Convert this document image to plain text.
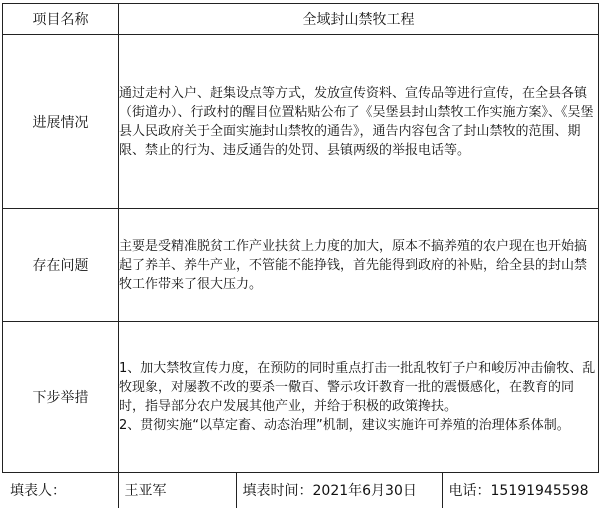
项目名称	全域封山禁牧工程
进展情况	通过走村入户、赶集设点等方式，发放宣传资料、宣传品等进行宣传，在全县各镇（街道办）、行政村的醒目位置粘贴公布了《吴堡县封山禁牧工作实施方案》、《吴堡县人民政府关于全面实施封山禁牧的通告》，通告内容包含了封山禁牧的范围、期限、禁止的行为、违反通告的处罚、县镇两级的举报电话等。
存在问题	主要是受精准脱贫工作产业扶贫上力度的加大，原本不搞养殖的农户现在也开始搞起了养羊、养牛产业，不管能不能挣钱，首先能得到政府的补贴，给全县的封山禁牧工作带来了很大压力。
下步举措	1、加大禁牧宣传力度，在预防的同时重点打击一批乱牧钉子户和峻厉冲击偷牧、乱牧现象，对屡教不改的要杀一儆百、警示攻讦教育一批的震慑感化，在教育的同时，指导部分农户发展其他产业，并给于积极的政策搀扶。

2、贯彻实施“以草定畜、动态治理”机制，建议实施许可养殖的治理体系体制。

填表人：	王亚军	填表时间：2021年6月30日	电话：15191945598
